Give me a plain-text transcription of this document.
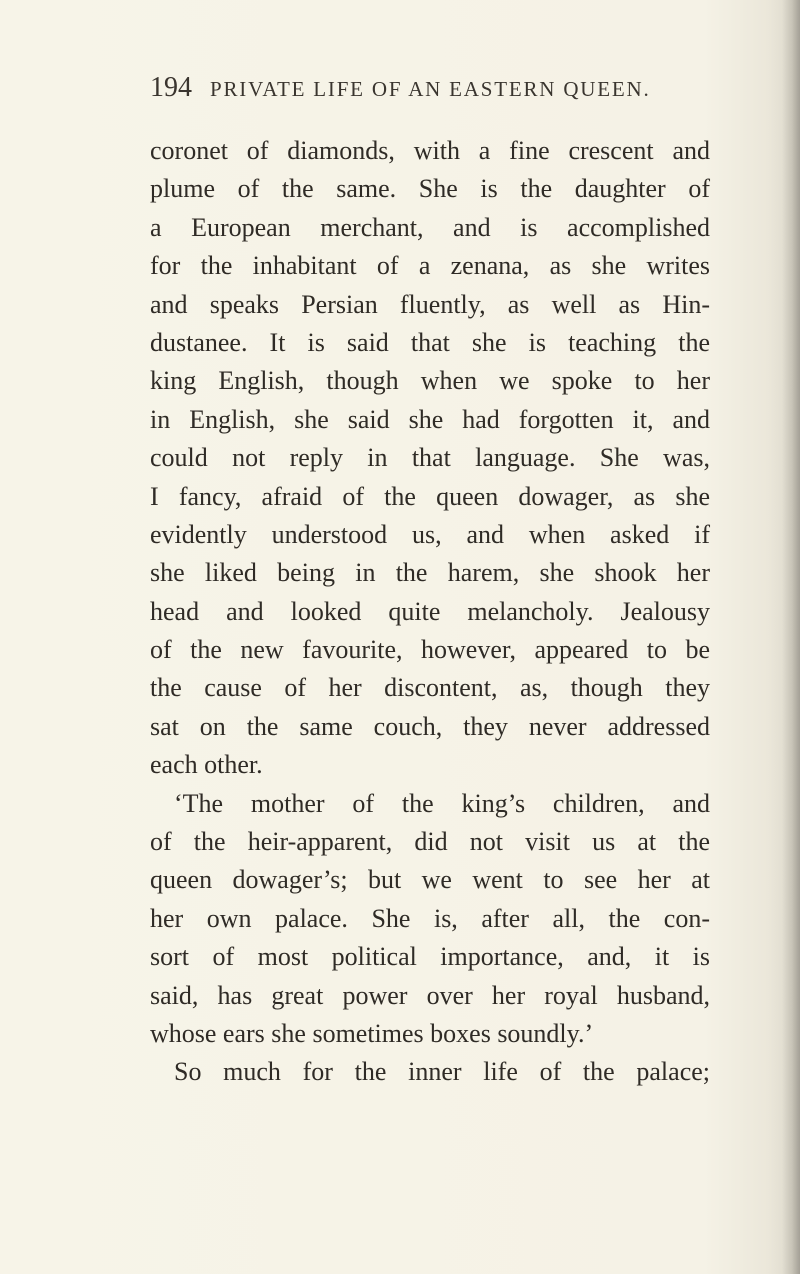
194 PRIVATE LIFE OF AN EASTERN QUEEN.
coronet of diamonds, with a fine crescent and
plume of the same. She is the daughter of
a European merchant, and is accomplished
for the inhabitant of a zenana, as she writes
and speaks Persian fluently, as well as Hin-
dustanee. It is said that she is teaching the
king English, though when we spoke to her
in English, she said she had forgotten it, and
could not reply in that language. She was,
I fancy, afraid of the queen dowager, as she
evidently understood us, and when asked if
she liked being in the harem, she shook her
head and looked quite melancholy. Jealousy
of the new favourite, however, appeared to be
the cause of her discontent, as, though they
sat on the same couch, they never addressed
each other.
‘The mother of the king’s children, and
of the heir-apparent, did not visit us at the
queen dowager’s; but we went to see her at
her own palace. She is, after all, the con-
sort of most political importance, and, it is
said, has great power over her royal husband,
whose ears she sometimes boxes soundly.’
So much for the inner life of the palace;
